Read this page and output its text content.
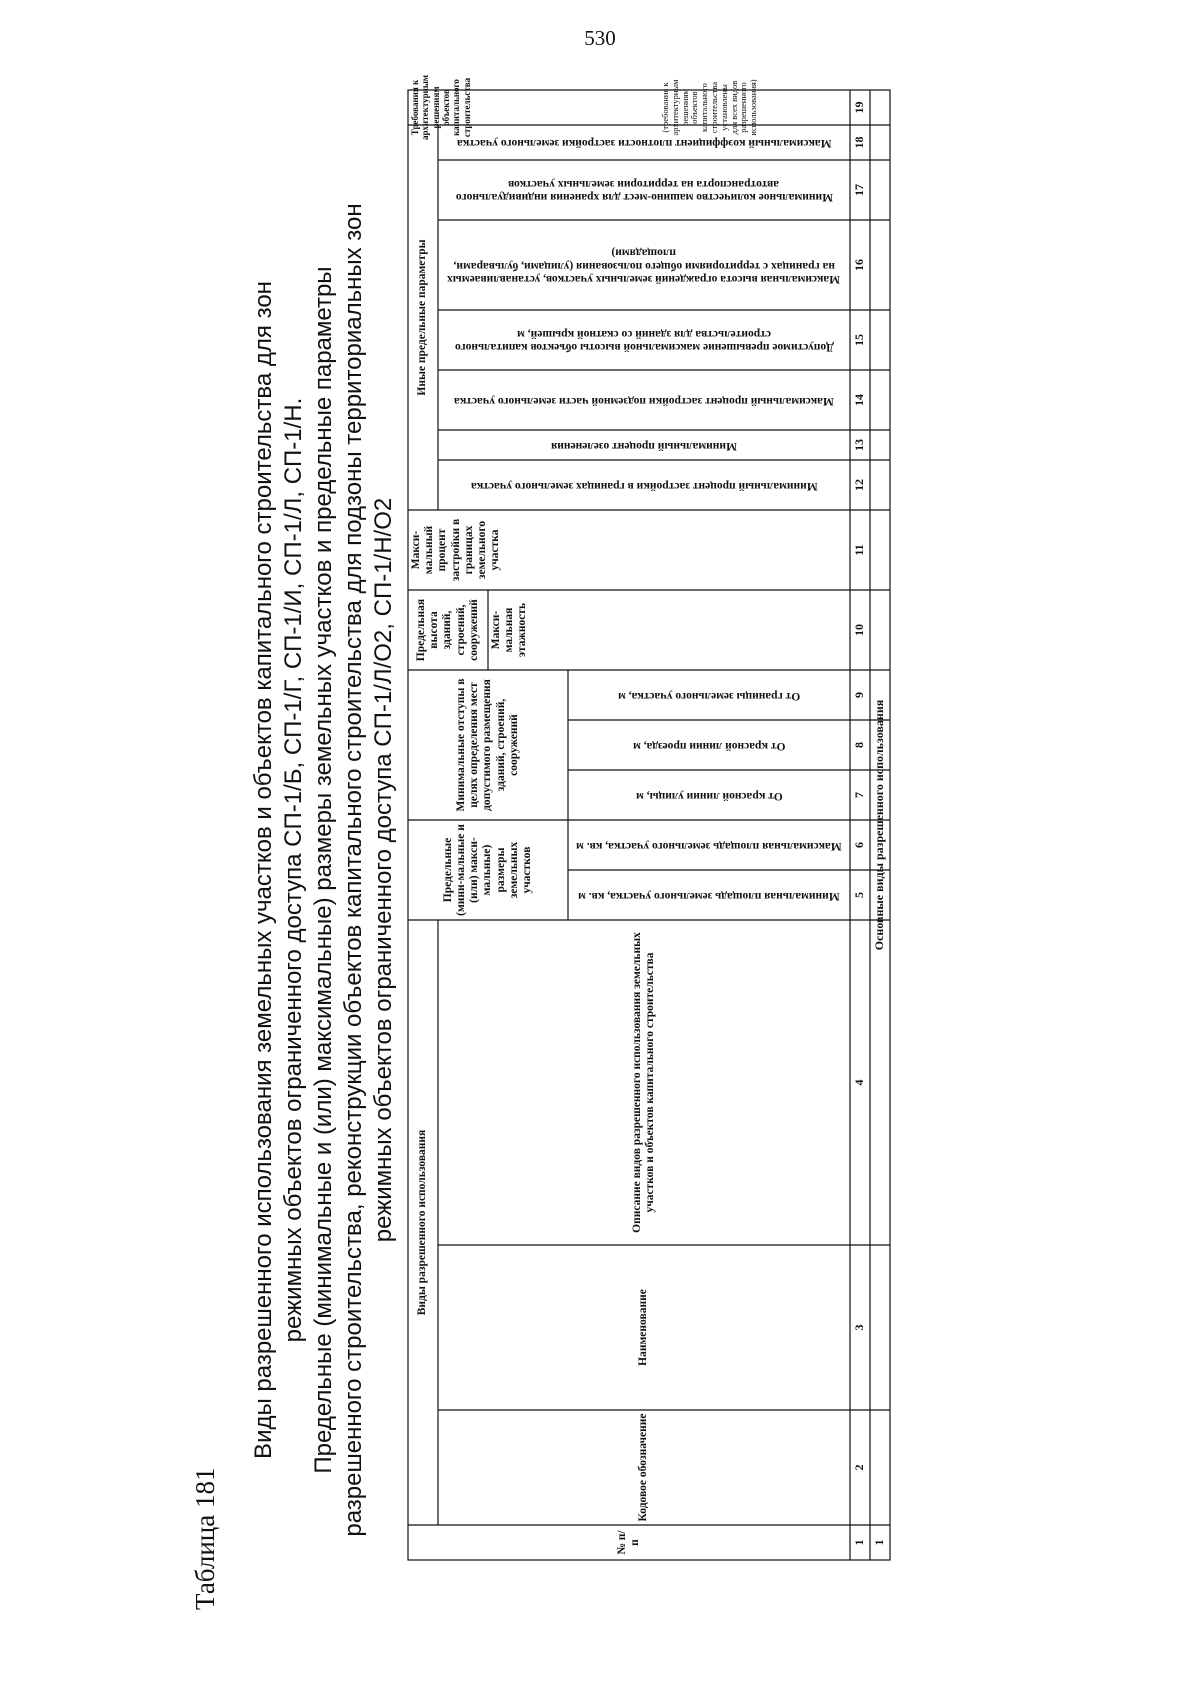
530
Таблица 181
Виды разрешенного использования земельных участков и объектов капитального строительства для зон режимных объектов ограниченного доступа СП-1/Б, СП-1/Г, СП-1/И, СП-1/Л, СП-1/Н. Предельные (минимальные и (или) максимальные) размеры земельных участков и предельные параметры разрешенного строительства, реконструкции объектов капитального строительства для подзоны территориальных зон режимных объектов ограниченного доступа СП-1/Л/О2, СП-1/Н/О2
№ п/п
Виды разрешенного использования
Кодовое обозначение
Наименование
Описание видов разрешенного использования земельных участков и объектов капитального строительства
Предельные (мини-мальные и (или) макси-мальные) размеры земельных участков
Минимальная площадь земельного участка, кв. м
Максимальная площадь земельного участка, кв. м
Минимальные отступы в целях определения мест допустимого размещения зданий, строений, сооружений
От красной линии улицы, м
От красной линии проезда, м
От границы земельного участка, м
Предельная высота зданий, строений, сооружений Макси-мальная этажность
Макси-мальный процент застройки в границах земельного участка
Иные предельные параметры
Минимальный процент застройки в границах земельного участка
Минимальный процент озеленения
Максимальный процент застройки подземной части земельного участка
Допустимое превышение максимальной высоты объектов капитального строительства для зданий со скатной крышей, м
Максимальная высота ограждений земельных участков, устанавливаемых на границах с территориями общего пользования (улицами, бульварами, площадями)
Минимальное количество машино-мест для хранения индивидуального автотранспорта на территории земельных участков
Максимальный коэффициент плотности застройки земельного участка
Требования к архитектурным решениям объектов капитального строительства
1
2
3
4
5
6
7
8
9
10
11
12
13
14
15
16
17
18
19
1
Основные виды разрешенного использования
(требования к архитектурным решениям объектов капитального строительства установлены для всех видов разрешенного использования)
